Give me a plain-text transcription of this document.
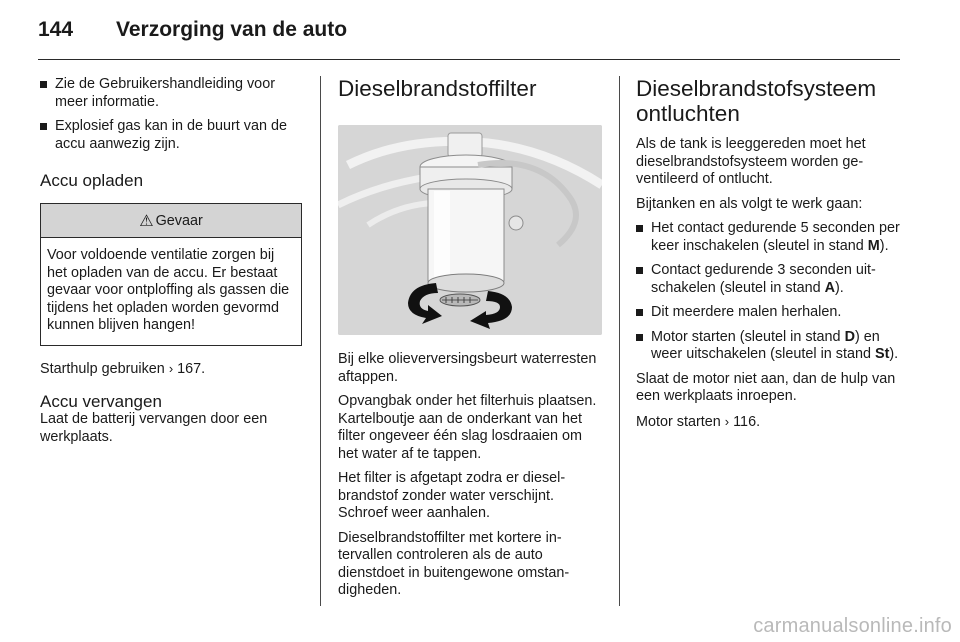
144	Verzorging van de auto
Zie de Gebruikershandleiding voor meer informatie.
Explosief gas kan in de buurt van de accu aanwezig zijn.
Accu opladen
⚠ Gevaar
Voor voldoende ventilatie zorgen bij het opladen van de accu. Er bestaat gevaar voor ontploffing als gassen die tijdens het opladen worden gevormd kunnen blijven hangen!

Starthulp gebruiken › 167.

Accu vervangen

Laat de batterij vervangen door een werkplaats.

Dieselbrandstoffilter

Bij elke olieverversingsbeurt waterresten aftappen.

Opvangbak onder het filterhuis plaatsen. Kartelboutje aan de onderkant van het filter ongeveer één slag losdraaien om het water af te tappen.

Het filter is afgetapt zodra er dieselbrandstof zonder water verschijnt. Schroef weer aanhalen.

Dieselbrandstoffilter met kortere intervallen controleren als de auto dienstdoet in buitengewone omstandigheden.

Dieselbrandstofsysteem ontluchten

Als de tank is leeggereden moet het dieselbrandstofsysteem worden geventileerd of ontlucht.

Bijtanken en als volgt te werk gaan:

Het contact gedurende 5 seconden per keer inschakelen (sleutel in stand M).
Contact gedurende 3 seconden uitschakelen (sleutel in stand A).
Dit meerdere malen herhalen.
Motor starten (sleutel in stand D) en weer uitschakelen (sleutel in stand St).

Slaat de motor niet aan, dan de hulp van een werkplaats inroepen.

Motor starten › 116.

carmanualsonline.info
